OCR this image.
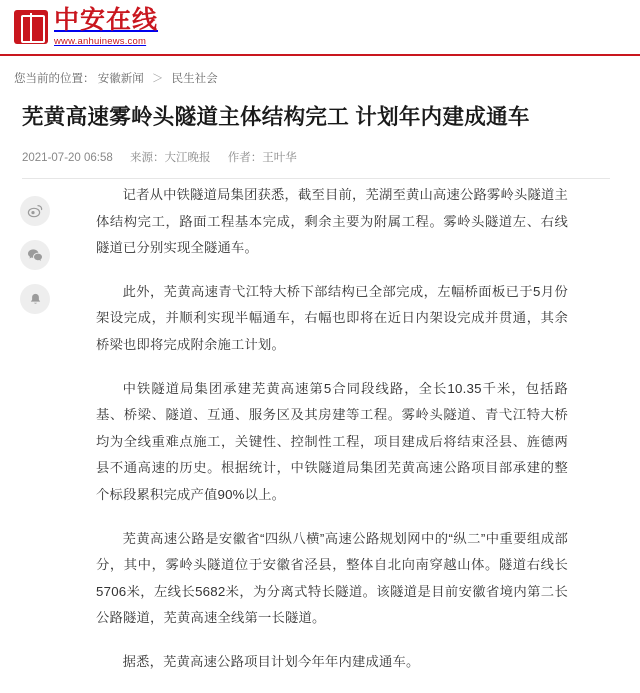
中安在线
www.anhuinews.com
您当前的位置： 安徽新闻 ＞ 民生社会
芜黄高速雾岭头隧道主体结构完工 计划年内建成通车
2021-07-20 06:58 来源：大江晚报 作者：王叶华

记者从中铁隧道局集团获悉，截至目前，芜湖至黄山高速公路雾岭头隧道主体结构完工，路面工程基本完成，剩余主要为附属工程。雾岭头隧道左、右线隧道已分别实现全隧通车。

此外，芜黄高速青弋江特大桥下部结构已全部完成，左幅桥面板已于5月份架设完成，并顺利实现半幅通车，右幅也即将在近日内架设完成并贯通，其余桥梁也即将完成附余施工计划。

中铁隧道局集团承建芜黄高速第5合同段线路，全长10.35千米，包括路基、桥梁、隧道、互通、服务区及其房建等工程。雾岭头隧道、青弋江特大桥均为全线重难点施工，关键性、控制性工程，项目建成后将结束泾县、旌德两县不通高速的历史。根据统计，中铁隧道局集团芜黄高速公路项目部承建的整个标段累积完成产值90%以上。

芜黄高速公路是安徽省“四纵八横”高速公路规划网中的“纵二”中重要组成部分，其中，雾岭头隧道位于安徽省泾县，整体自北向南穿越山体。隧道右线长5706米，左线长5682米，为分离式特长隧道。该隧道是目前安徽省境内第二长公路隧道，芜黄高速全线第一长隧道。

据悉，芜黄高速公路项目计划今年年内建成通车。
